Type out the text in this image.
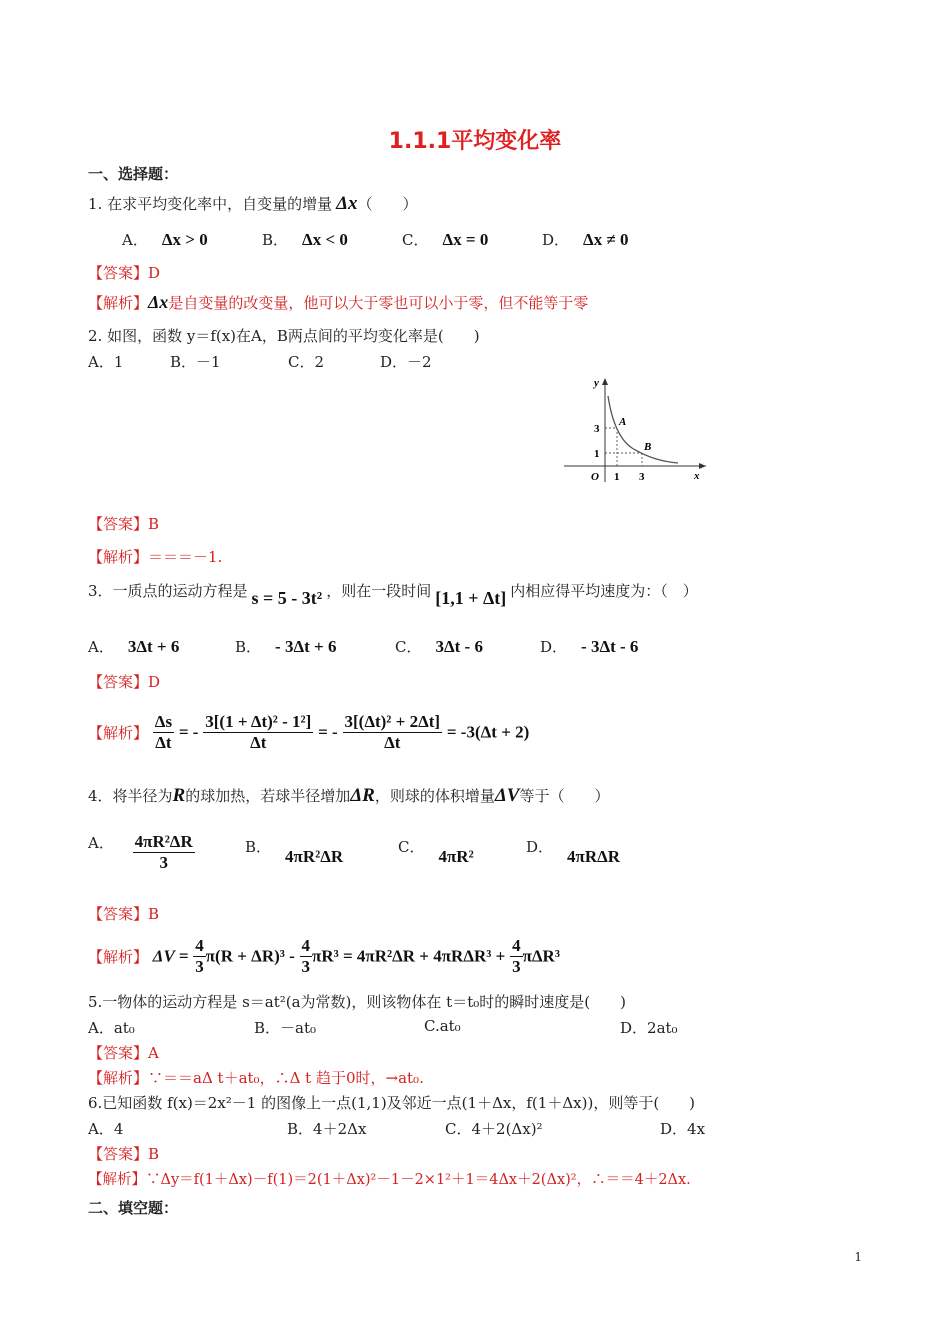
1.1.1平均变化率
一、选择题：
1. 在求平均变化率中，自变量的增量 Δx（　　）
A． Δx > 0	B． Δx < 0	C． Δx = 0	D． Δx ≠ 0
【答案】D
【解析】Δx是自变量的改变量，他可以大于零也可以小于零，但不能等于零
2. 如图，函数 y＝f(x)在A，B两点间的平均变化率是(　　)
A．1	B．－1	C．2	D．－2
y
x
O
A
B
3
1
1 3
【答案】B
【解析】＝＝＝－1.
3．一质点的运动方程是 s = 5 - 3t² ，则在一段时间 [1,1 + Δt] 内相应得平均速度为：（　）
A． 3Δt + 6	B． - 3Δt + 6	C． 3Δt - 6	D． - 3Δt - 6
【答案】D
【解析】 $\frac{\Delta s}{\Delta t}$ = - $\frac{\text{3[(1 + Δt)² - 1²]}}{\Delta t}$ = - $\frac{\text{3[(Δt)² + 2Δt]}}{\Delta t} = -3(\Delta t + 2)$
4．将半径为R的球加热，若球半径增加ΔR，则球的体积增量ΔV等于（　　）
A． $\frac{\text{4πR²ΔR}}{3}$	B． 4πR²ΔR	C． 4πR²	D． 4πRΔR
【答案】B
【解析】 $\Delta V = \frac{4}{3} \pi(R + \Delta R)^3 - \frac{4}{3} \pi R^3 = 4\pi R^2\Delta R + 4\pi R\Delta R^3 + \frac{4}{3} \pi\Delta R^3$
5.一物体的运动方程是 s＝at²(a为常数)，则该物体在 t＝t₀时的瞬时速度是(　　)
A．at₀	B．－at₀	C.at₀	D．2at₀
【答案】A
【解析】∵＝＝aΔ t＋at₀，∴Δ t 趋于0时，→at₀.
6.已知函数 f(x)＝2x²－1 的图像上一点(1,1)及邻近一点(1＋Δx，f(1＋Δx))，则等于(　　)
A．4	B．4＋2Δx	C．4＋2(Δx)²	D．4x
【答案】B
【解析】∵Δy＝f(1＋Δx)－f(1)＝2(1＋Δx)²－1－2×1²＋1＝4Δx＋2(Δx)²，∴＝＝4＋2Δx.
二、填空题：
1
